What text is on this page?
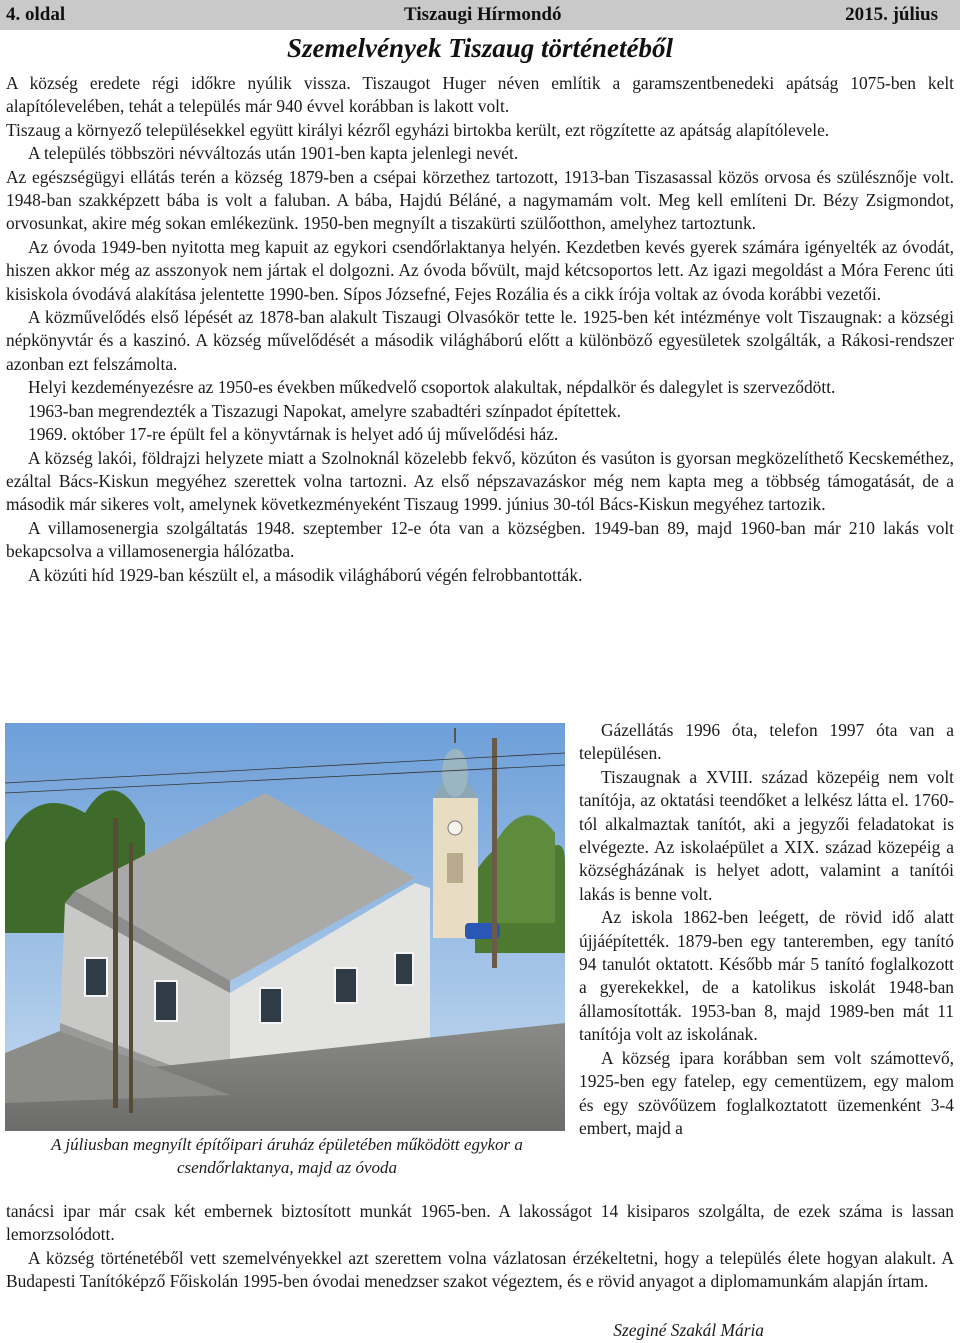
4. oldal	Tiszaugi Hírmondó	2015. július
Szemelvények Tiszaug történetéből

A község eredete régi időkre nyúlik vissza. Tiszaugot Huger néven említik a garamszentbenedeki apátság 1075-ben kelt alapítólevelében, tehát a település már 940 évvel korábban is lakott volt.

Tiszaug a környező településekkel együtt királyi kézről egyházi birtokba került, ezt rögzítette az apátság alapítólevele.

A település többszöri névváltozás után 1901-ben kapta jelenlegi nevét.

Az egészségügyi ellátás terén a község 1879-ben a csépai körzethez tartozott, 1913-ban Tiszasassal közös orvosa és szülésznője volt. 1948-ban szakképzett bába is volt a faluban. A bába, Hajdú Béláné, a nagymamám volt. Meg kell említeni Dr. Bézy Zsigmondot, orvosunkat, akire még sokan emlékezünk. 1950-ben megnyílt a tiszakürti szülőotthon, amelyhez tartoztunk.

Az óvoda 1949-ben nyitotta meg kapuit az egykori csendőrlaktanya helyén. Kezdetben kevés gyerek számára igényelték az óvodát, hiszen akkor még az asszonyok nem jártak el dolgozni. Az óvoda bővült, majd kétcsoportos lett. Az igazi megoldást a Móra Ferenc úti kisiskola óvodává alakítása jelentette 1990-ben. Sípos Józsefné, Fejes Rozália és a cikk írója voltak az óvoda korábbi vezetői.

A közművelődés első lépését az 1878-ban alakult Tiszaugi Olvasókör tette le. 1925-ben két intézménye volt Tiszaugnak: a községi népkönyvtár és a kaszinó. A község művelődését a második világháború előtt a különböző egyesületek szolgálták, a Rákosi-rendszer azonban ezt felszámolta.

Helyi kezdeményezésre az 1950-es években műkedvelő csoportok alakultak, népdalkör és dalegylet is szerveződött.

1963-ban megrendezték a Tiszazugi Napokat, amelyre szabadtéri színpadot építettek.

1969. október 17-re épült fel a könyvtárnak is helyet adó új művelődési ház.

A község lakói, földrajzi helyzete miatt a Szolnoknál közelebb fekvő, közúton és vasúton is gyorsan megközelíthető Kecskeméthez, ezáltal Bács-Kiskun megyéhez szerettek volna tartozni. Az első népszavazáskor még nem kapta meg a többség támogatását, de a második már sikeres volt, amelynek következményeként Tiszaug 1999. június 30-tól Bács-Kiskun megyéhez tartozik.

A villamosenergia szolgáltatás 1948. szeptember 12-e óta van a községben. 1949-ban 89, majd 1960-ban már 210 lakás volt bekapcsolva a villamosenergia hálózatba.

A közúti híd 1929-ban készült el, a második világháború végén felrobbantották.

A júliusban megnyílt építőipari áruház épületében működött egykor a csendőrlaktanya, majd az óvoda

Gázellátás 1996 óta, telefon 1997 óta van a településen.

Tiszaugnak a XVIII. század közepéig nem volt tanítója, az oktatási teendőket a lelkész látta el. 1760-tól alkalmaztak tanítót, aki a jegyzői feladatokat is elvégezte. Az iskolaépület a XIX. század közepéig a községházának is helyet adott, valamint a tanítói lakás is benne volt.

Az iskola 1862-ben leégett, de rövid idő alatt újjáépítették. 1879-ben egy tanteremben, egy tanító 94 tanulót oktatott. Később már 5 tanító foglalkozott a gyerekekkel, de a katolikus iskolát 1948-ban államosították. 1953-ban 8, majd 1989-ben mát 11 tanítója volt az iskolának.

A község ipara korábban sem volt számottevő, 1925-ben egy fatelep, egy cementüzem, egy malom és egy szövőüzem foglalkoztatott üzemenként 3-4 embert, majd a

tanácsi ipar már csak két embernek biztosított munkát 1965-ben. A lakosságot 14 kisiparos szolgálta, de ezek száma is lassan lemorzsolódott.

A község történetéből vett szemelvényekkel azt szerettem volna vázlatosan érzékeltetni, hogy a település élete hogyan alakult. A Budapesti Tanítóképző Főiskolán 1995-ben óvodai menedzser szakot végeztem, és e rövid anyagot a diplomamunkám alapján írtam.

Szeginé Szakál Mária
